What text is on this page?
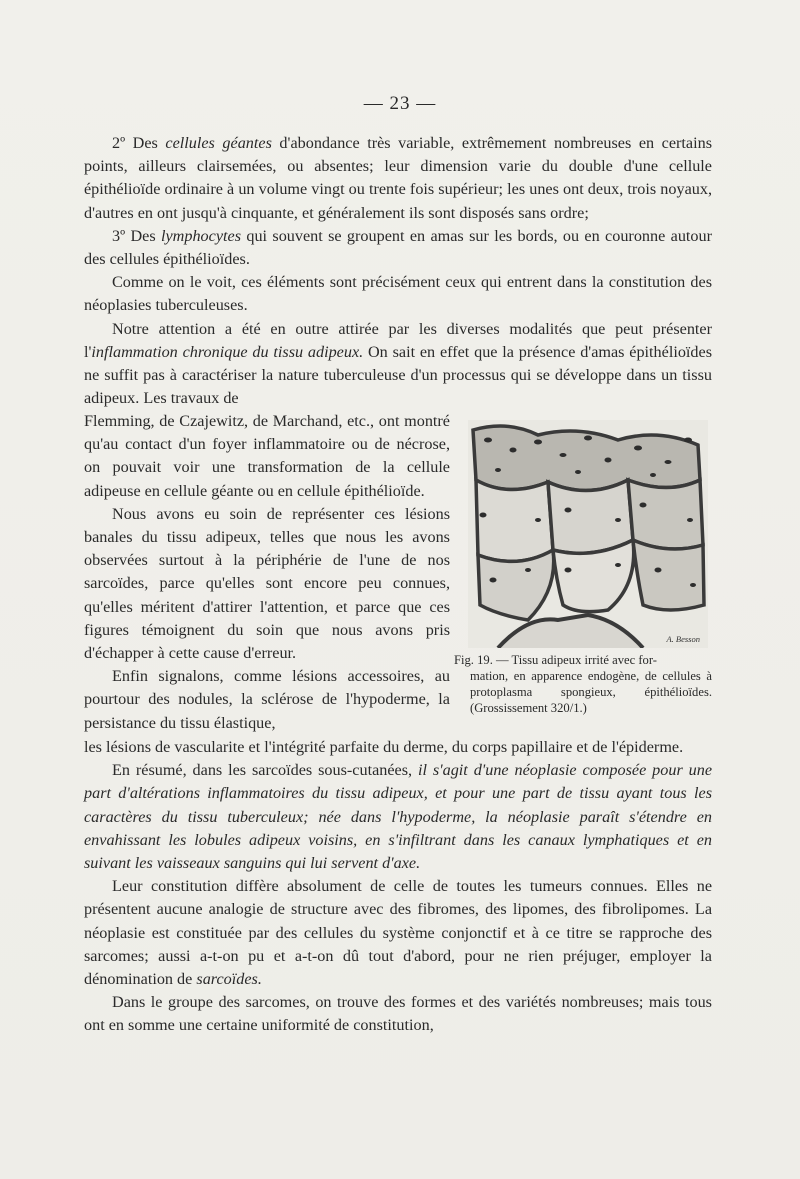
— 23 —

2º Des cellules géantes d'abondance très variable, extrêmement nombreuses en certains points, ailleurs clairsemées, ou absentes; leur dimension varie du double d'une cellule épithélioïde ordinaire à un volume vingt ou trente fois supérieur; les unes ont deux, trois noyaux, d'autres en ont jusqu'à cinquante, et généralement ils sont disposés sans ordre;

3º Des lymphocytes qui souvent se groupent en amas sur les bords, ou en couronne autour des cellules épithélioïdes.

Comme on le voit, ces éléments sont précisément ceux qui entrent dans la constitution des néoplasies tuberculeuses.

Notre attention a été en outre attirée par les diverses modalités que peut présenter l'inflammation chronique du tissu adipeux. On sait en effet que la présence d'amas épithélioïdes ne suffit pas à caractériser la nature tuberculeuse d'un processus qui se développe dans un tissu adipeux. Les travaux de

Flemming, de Czajewitz, de Marchand, etc., ont montré qu'au contact d'un foyer inflammatoire ou de nécrose, on pouvait voir une transformation de la cellule adipeuse en cellule géante ou en cellule épithélioïde.

Nous avons eu soin de représenter ces lésions banales du tissu adipeux, telles que nous les avons observées surtout à la périphérie de l'une de nos sarcoïdes, parce qu'elles sont encore peu connues, qu'elles méritent d'attirer l'attention, et parce que ces figures témoignent du soin que nous avons pris d'échapper à cette cause d'erreur.

Enfin signalons, comme lésions accessoires, au pourtour des nodules, la sclérose de l'hypoderme, la persistance du tissu élastique,

A. Besson
Fig. 19. — Tissu adipeux irrité avec for-
mation, en apparence endogène, de cellules à protoplasma spongieux, épithélioïdes. (Grossissement 320/1.)

les lésions de vascularite et l'intégrité parfaite du derme, du corps papillaire et de l'épiderme.

En résumé, dans les sarcoïdes sous-cutanées, il s'agit d'une néoplasie composée pour une part d'altérations inflammatoires du tissu adipeux, et pour une part de tissu ayant tous les caractères du tissu tuberculeux; née dans l'hypoderme, la néoplasie paraît s'étendre en envahissant les lobules adipeux voisins, en s'infiltrant dans les canaux lymphatiques et en suivant les vaisseaux sanguins qui lui servent d'axe.

Leur constitution diffère absolument de celle de toutes les tumeurs connues. Elles ne présentent aucune analogie de structure avec des fibromes, des lipomes, des fibrolipomes. La néoplasie est constituée par des cellules du système conjonctif et à ce titre se rapproche des sarcomes; aussi a-t-on pu et a-t-on dû tout d'abord, pour ne rien préjuger, employer la dénomination de sarcoïdes.

Dans le groupe des sarcomes, on trouve des formes et des variétés nombreuses; mais tous ont en somme une certaine uniformité de constitution,
